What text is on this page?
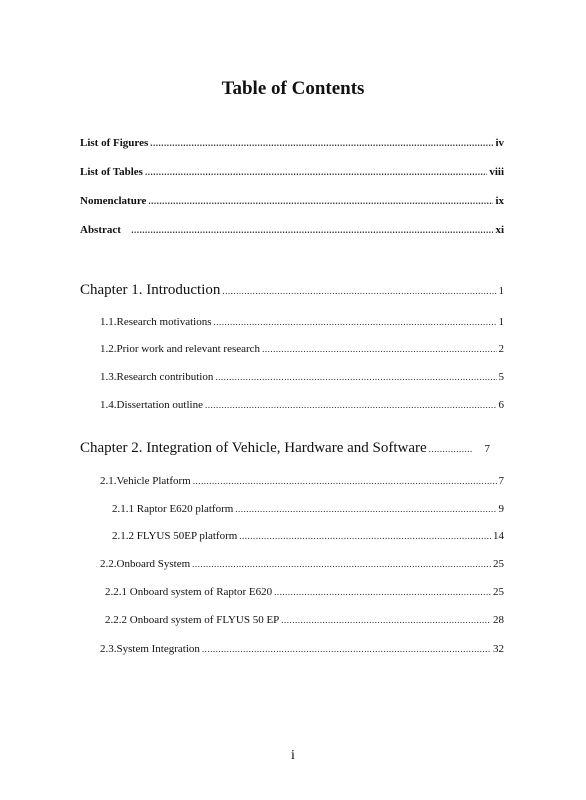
Table of Contents
List of Figures .....	iv
List of Tables .....	viii
Nomenclature .....	ix
Abstract .....	xi
Chapter 1. Introduction .....	1
1.1. Research motivations .....	1
1.2. Prior work and relevant research .....	2
1.3. Research contribution .....	5
1.4. Dissertation outline .....	6
Chapter 2. Integration of Vehicle, Hardware and Software .....	7
2.1. Vehicle Platform .....	7
2.1.1 Raptor E620 platform .....	9
2.1.2 FLYUS 50EP platform .....	14
2.2. Onboard System .....	25
2.2.1 Onboard system of Raptor E620 .....	25
2.2.2 Onboard system of FLYUS 50 EP .....	28
2.3. System Integration .....	32
i
